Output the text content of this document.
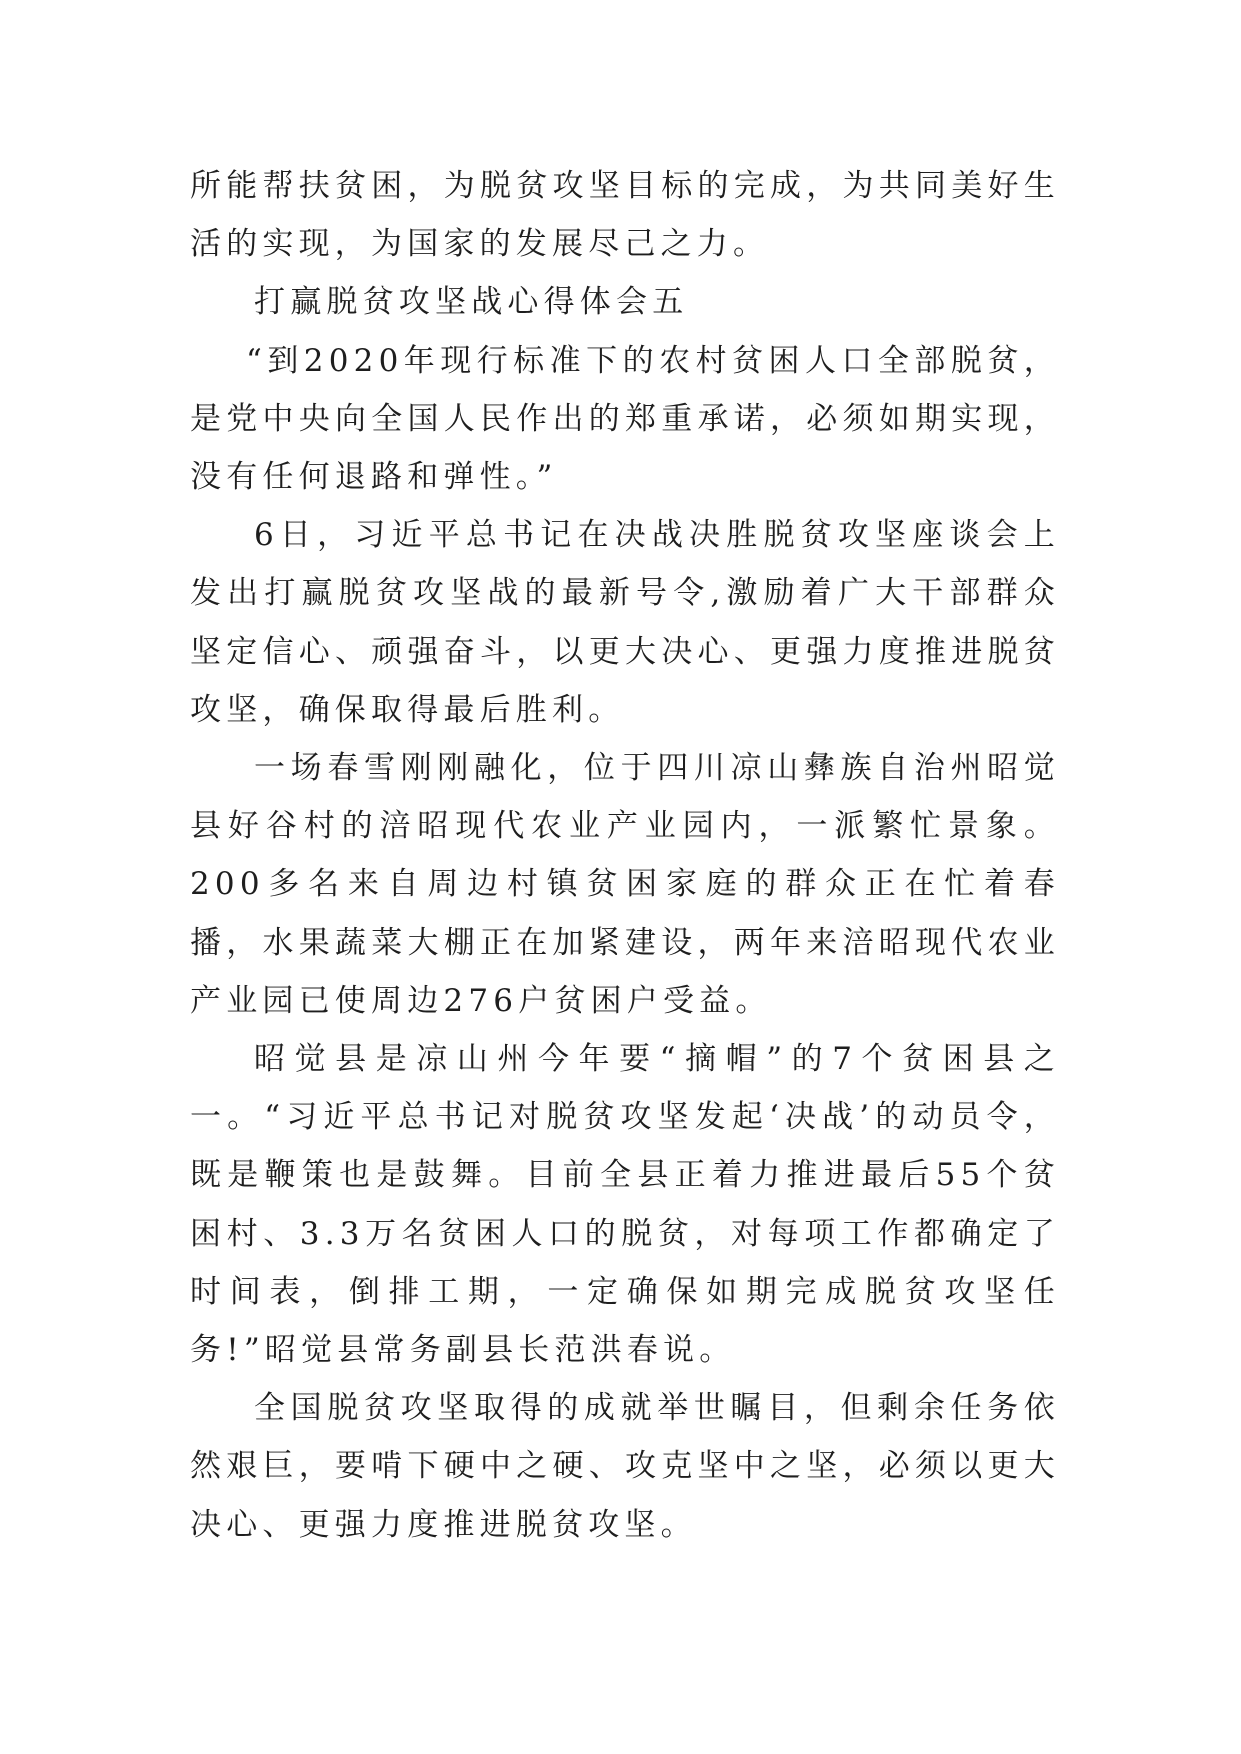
所能帮扶贫困，为脱贫攻坚目标的完成，为共同美好生活的实现，为国家的发展尽己之力。

打赢脱贫攻坚战心得体会五

“到2020年现行标准下的农村贫困人口全部脱贫，是党中央向全国人民作出的郑重承诺，必须如期实现，没有任何退路和弹性。”

6日，习近平总书记在决战决胜脱贫攻坚座谈会上发出打赢脱贫攻坚战的最新号令,激励着广大干部群众坚定信心、顽强奋斗，以更大决心、更强力度推进脱贫攻坚，确保取得最后胜利。

一场春雪刚刚融化，位于四川凉山彝族自治州昭觉县好谷村的涪昭现代农业产业园内，一派繁忙景象。200多名来自周边村镇贫困家庭的群众正在忙着春播，水果蔬菜大棚正在加紧建设，两年来涪昭现代农业产业园已使周边276户贫困户受益。

昭觉县是凉山州今年要“摘帽”的7个贫困县之一。“习近平总书记对脱贫攻坚发起‘决战’的动员令，既是鞭策也是鼓舞。目前全县正着力推进最后55个贫困村、3.3万名贫困人口的脱贫，对每项工作都确定了时间表，倒排工期，一定确保如期完成脱贫攻坚任务!”昭觉县常务副县长范洪春说。

全国脱贫攻坚取得的成就举世瞩目，但剩余任务依然艰巨，要啃下硬中之硬、攻克坚中之坚，必须以更大决心、更强力度推进脱贫攻坚。
